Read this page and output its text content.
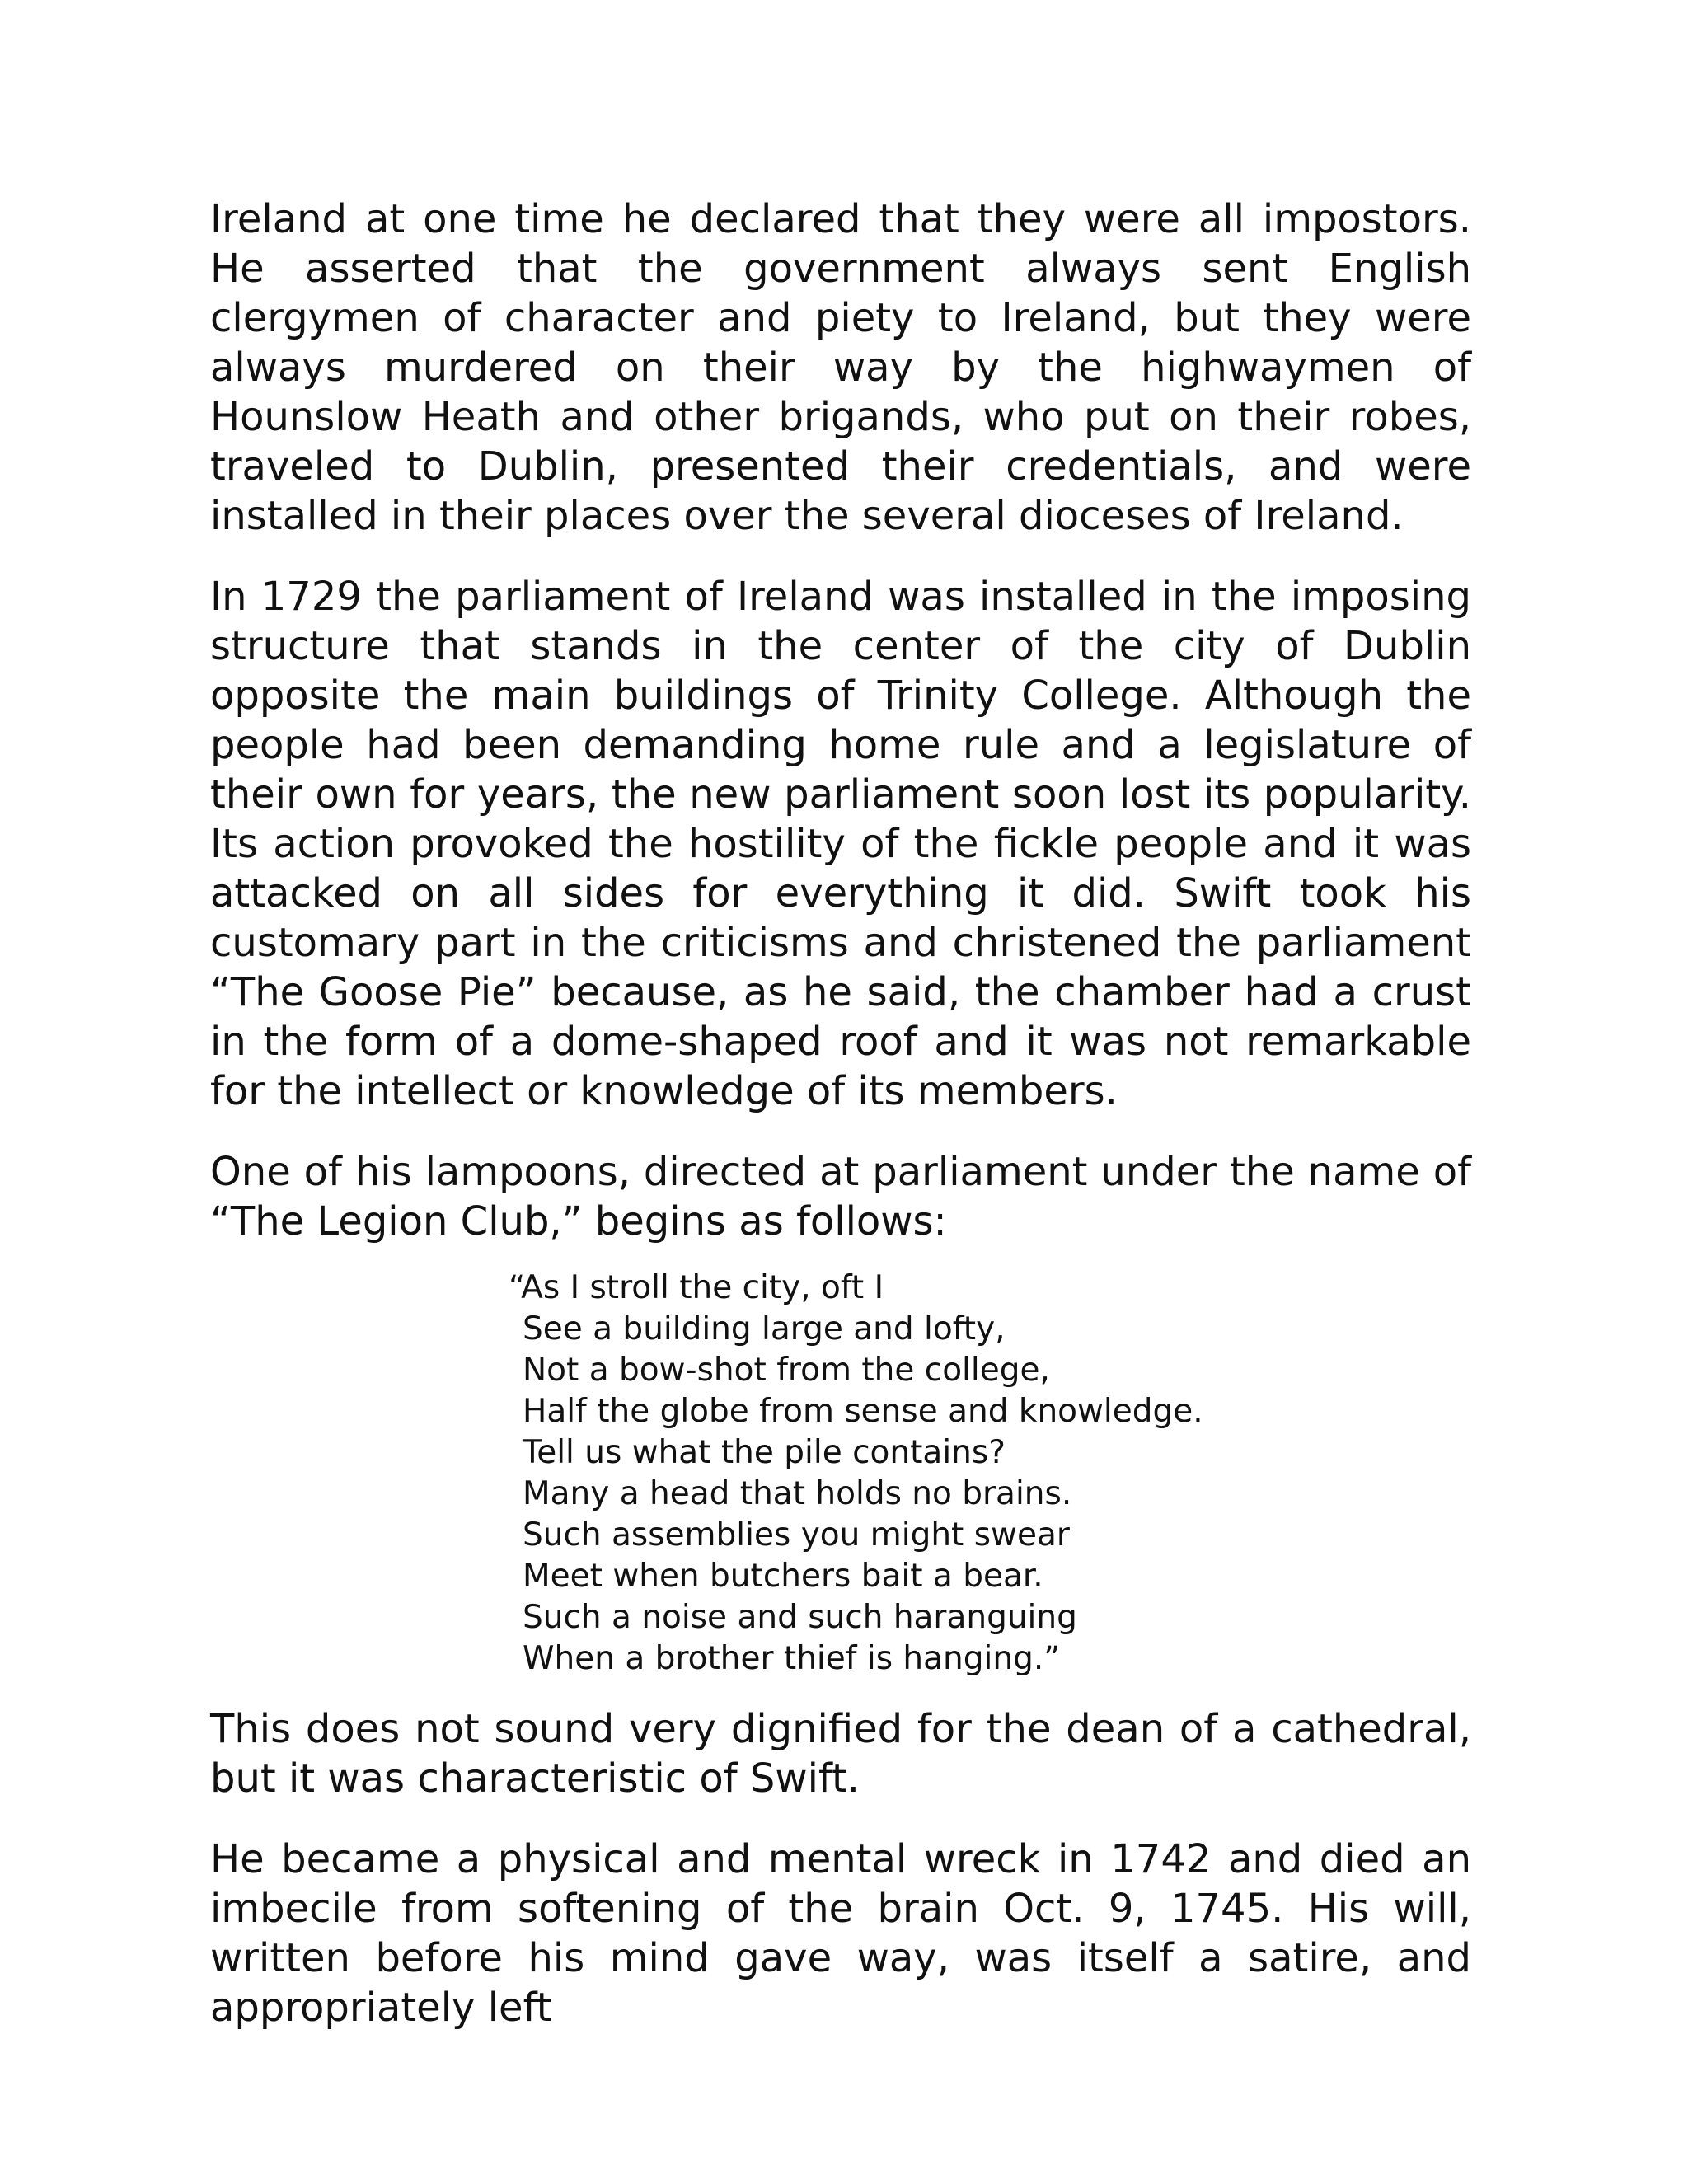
Ireland at one time he declared that they were all impostors. He asserted that the government always sent English clergymen of character and piety to Ireland, but they were always murdered on their way by the highwaymen of Hounslow Heath and other brigands, who put on their robes, traveled to Dublin, presented their credentials, and were installed in their places over the several dioceses of Ireland.

In 1729 the parliament of Ireland was installed in the imposing structure that stands in the center of the city of Dublin opposite the main buildings of Trinity College. Although the people had been demanding home rule and a legislature of their own for years, the new parliament soon lost its popularity. Its action provoked the hostility of the fickle people and it was attacked on all sides for everything it did. Swift took his customary part in the criticisms and christened the parliament “The Goose Pie” because, as he said, the chamber had a crust in the form of a dome-shaped roof and it was not remarkable for the intellect or knowledge of its members.

One of his lampoons, directed at parliament under the name of “The Legion Club,” begins as follows:

“As I stroll the city, oft I
See a building large and lofty,
Not a bow-shot from the college,
Half the globe from sense and knowledge.
Tell us what the pile contains?
Many a head that holds no brains.
Such assemblies you might swear
Meet when butchers bait a bear.
Such a noise and such haranguing
When a brother thief is hanging.”

This does not sound very dignified for the dean of a cathedral, but it was characteristic of Swift.

He became a physical and mental wreck in 1742 and died an imbecile from softening of the brain Oct. 9, 1745. His will, written before his mind gave way, was itself a satire, and appropriately left
